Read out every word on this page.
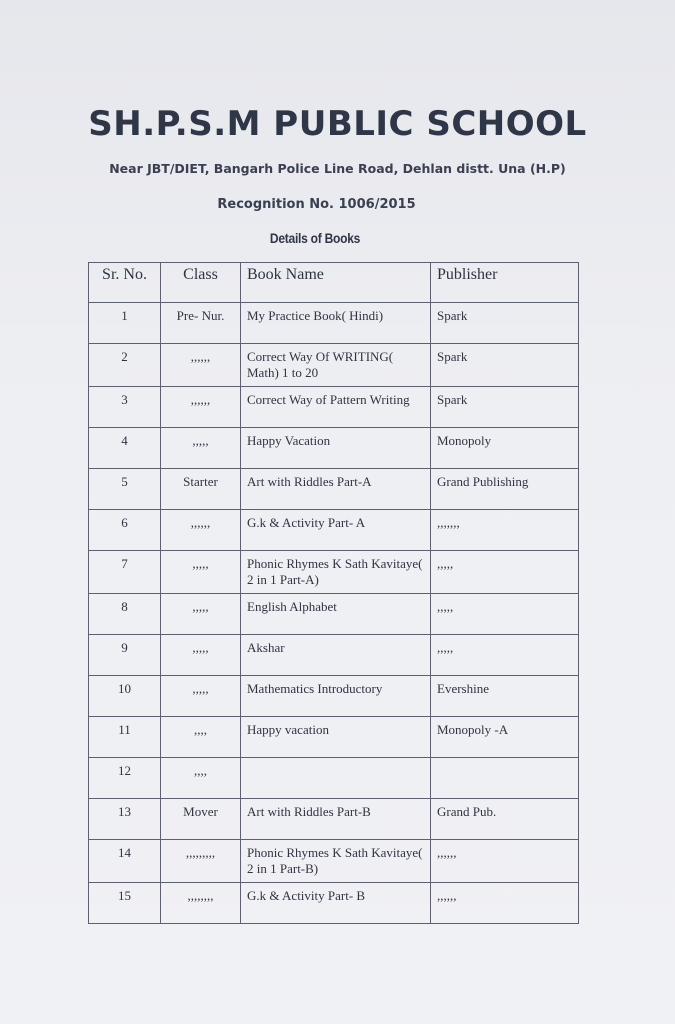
SH.P.S.M PUBLIC SCHOOL
Near JBT/DIET, Bangarh Police Line Road, Dehlan distt. Una (H.P)
Recognition No. 1006/2015
Details of Books
Sr. No.	Class	Book Name	Publisher
1	Pre- Nur.	My Practice Book( Hindi)	Spark
2	,,,,,,	Correct Way Of WRITING( Math) 1 to 20	Spark
3	,,,,,,	Correct Way of Pattern Writing	Spark
4	,,,,,	Happy Vacation	Monopoly
5	Starter	Art with Riddles Part-A	Grand Publishing
6	,,,,,,	G.k & Activity Part- A	,,,,,,,
7	,,,,,	Phonic Rhymes K Sath Kavitaye( 2 in 1 Part-A)	,,,,,
8	,,,,,	English Alphabet	,,,,,
9	,,,,,	Akshar	,,,,,
10	,,,,,	Mathematics Introductory	Evershine
11	,,,,	Happy vacation	Monopoly -A
12	,,,,		
13	Mover	Art with Riddles Part-B	Grand Pub.
14	,,,,,,,,,	Phonic Rhymes K Sath Kavitaye( 2 in 1 Part-B)	,,,,,,
15	,,,,,,,,	G.k & Activity Part- B	,,,,,,
